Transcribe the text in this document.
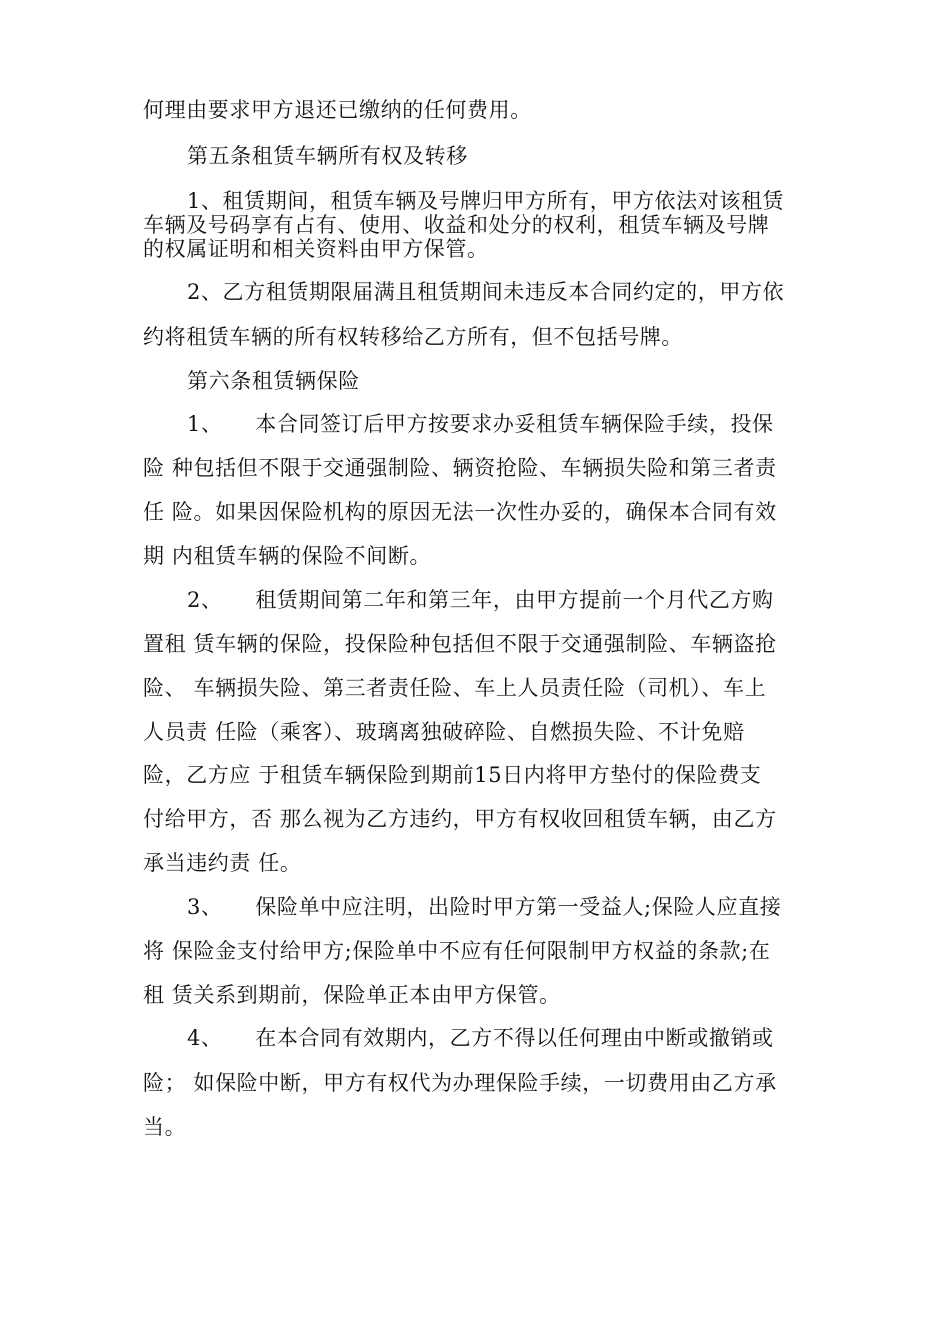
何理由要求甲方退还已缴纳的任何费用。
第五条租赁车辆所有权及转移
1、租赁期间，租赁车辆及号牌归甲方所有，甲方依法对该租赁
车辆及号码享有占有、使用、收益和处分的权利，租赁车辆及号牌
的权属证明和相关资料由甲方保管。
2、乙方租赁期限届满且租赁期间未违反本合同约定的，甲方依
约将租赁车辆的所有权转移给乙方所有，但不包括号牌。
第六条租赁辆保险
1、　　本合同签订后甲方按要求办妥租赁车辆保险手续，投保
险 种包括但不限于交通强制险、辆资抢险、车辆损失险和第三者责
任 险。如果因保险机构的原因无法一次性办妥的，确保本合同有效
期 内租赁车辆的保险不间断。
2、　　租赁期间第二年和第三年，由甲方提前一个月代乙方购
置租 赁车辆的保险，投保险种包括但不限于交通强制险、车辆盗抢
险、 车辆损失险、第三者责任险、车上人员责任险（司机）、车上
人员责 任险（乘客）、玻璃离独破碎险、自燃损失险、不计免赔
险，乙方应 于租赁车辆保险到期前15日内将甲方垫付的保险费支
付给甲方，否 那么视为乙方违约，甲方有权收回租赁车辆，由乙方
承当违约责 任。
3、　　保险单中应注明，出险时甲方第一受益人;保险人应直接
将 保险金支付给甲方;保险单中不应有任何限制甲方权益的条款;在
租 赁关系到期前，保险单正本由甲方保管。
4、　　在本合同有效期内，乙方不得以任何理由中断或撤销或
险； 如保险中断，甲方有权代为办理保险手续，一切费用由乙方承
当。
